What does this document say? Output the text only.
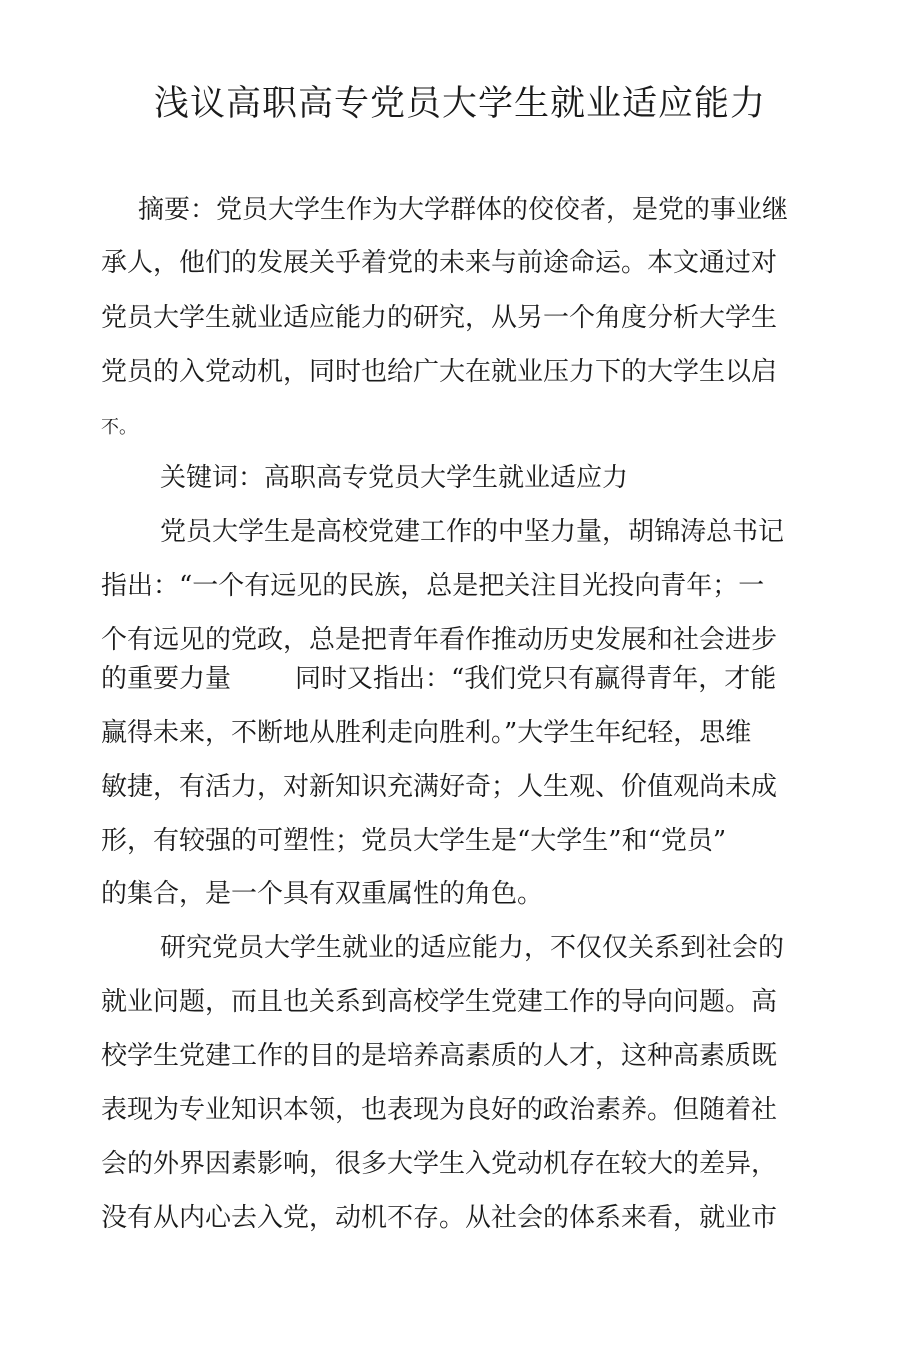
浅议高职高专党员大学生就业适应能力

摘要：党员大学生作为大学群体的佼佼者，是党的事业继

承人，他们的发展关乎着党的未来与前途命运。本文通过对

党员大学生就业适应能力的研究，从另一个角度分析大学生

党员的入党动机，同时也给广大在就业压力下的大学生以启

不。

关键词：高职高专党员大学生就业适应力

党员大学生是高校党建工作的中坚力量，胡锦涛总书记

指出：“一个有远见的民族，总是把关注目光投向青年；一

个有远见的党政，总是把青年看作推动历史发展和社会进步

的重要力量 同时又指出：“我们党只有赢得青年，才能

赢得未来，不断地从胜利走向胜利。”大学生年纪轻，思维

敏捷，有活力，对新知识充满好奇；人生观、价值观尚未成

形，有较强的可塑性；党员大学生是“大学生”和“党员”

的集合，是一个具有双重属性的角色。

研究党员大学生就业的适应能力，不仅仅关系到社会的

就业问题，而且也关系到高校学生党建工作的导向问题。高

校学生党建工作的目的是培养高素质的人才，这种高素质既

表现为专业知识本领，也表现为良好的政治素养。但随着社

会的外界因素影响，很多大学生入党动机存在较大的差异，

没有从内心去入党，动机不存。从社会的体系来看，就业市
